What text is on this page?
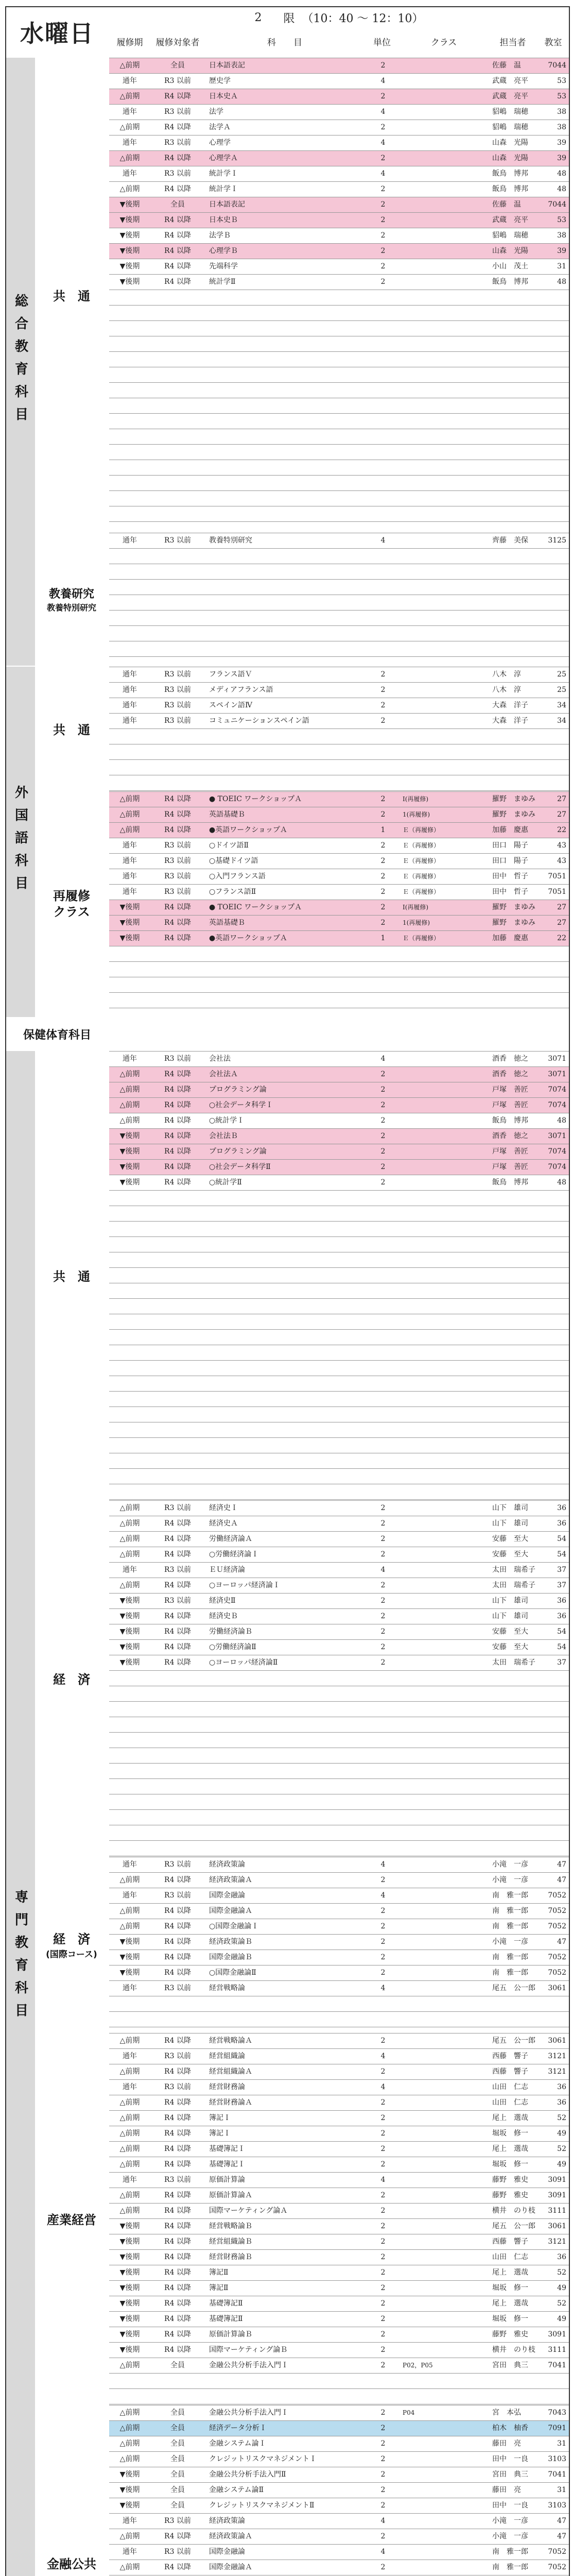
水曜日
2
限
（10：40 〜 12：10）
履修期	履修対象者	科　　目	単位	クラス	担当者	教室
総合教育科目 共　通
教養研究
教養特別研究
外国語科目
共　通
再履修クラス
保健体育科目
専門教育科目
共　通
経　済
経　済
(国際コース)
産業経営
金融公共
△前期	全員	日本語表記	2	佐藤　温	7044
通年	R3 以前	歴史学	4	武蔵　亮平	53
△前期	R4 以降	日本史Ａ	2	武蔵　亮平	53
通年	R3 以前	法学	4	貂嶋　瑞穂	38
△前期	R4 以降	法学Ａ	2	貂嶋　瑞穂	38
通年	R3 以前	心理学	4	山森　光陽	39
△前期	R4 以降	心理学Ａ	2	山森　光陽	39
通年	R3 以前	統計学Ｉ	4	飯鳥　博邦	48
△前期	R4 以降	統計学Ｉ	2	飯鳥　博邦	48
▼後期	全員	日本語表記	2	佐藤　温	7044
▼後期	R4 以降	日本史Ｂ	2	武蔵　亮平	53
▼後期	R4 以降	法学Ｂ	2	貂嶋　瑞穂	38
▼後期	R4 以降	心理学Ｂ	2	山森　光陽	39
▼後期	R4 以降	先端科学	2	小山　茂土	31
▼後期	R4 以降	統計学Ⅱ	2	飯鳥　博邦	48
通年	R3 以前	教養特別研究	4	齊藤　美保	3125
通年	R3 以前	フランス語Ｖ	2	八木　淳	25
通年	R3 以前	メディアフランス語	2	八木　淳	25
通年	R3 以前	スペイン語Ⅳ	2	大森　洋子	34
通年	R3 以前	コミュニケーションスペイン語	2	大森　洋子	34
△前期	R4 以降	● TOEIC ワークショップＡ	2	Ⅰ(再履修)	羅野　まゆみ	27
△前期	R4 以降	英語基礎Ｂ	2	1(再履修)	羅野　まゆみ	27
△前期	R4 以降	●英語ワークショップＡ	1	Ｅ（再履修）	加藤　慶惠	22
通年	R3 以前	○ドイツ語Ⅱ	2	Ｅ（再履修）	田口　陽子	43
通年	R3 以前	○基礎ドイツ語	2	Ｅ（再履修）	田口　陽子	43
通年	R3 以前	○入門フランス語	2	Ｅ（再履修）	田中　哲子	7051
通年	R3 以前	○フランス語Ⅱ	2	Ｅ（再履修）	田中　哲子	7051
▼後期	R4 以降	● TOEIC ワークショップＡ	2	Ⅰ(再履修)	羅野　まゆみ	27
▼後期	R4 以降	英語基礎Ｂ	2	1(再履修)	羅野　まゆみ	27
▼後期	R4 以降	●英語ワークショップＡ	1	Ｅ（再履修）	加藤　慶惠	22
通年	R3 以前	会社法	4	酒香　徳之	3071
△前期	R4 以降	会社法Ａ	2	酒香　徳之	3071
△前期	R4 以降	プログラミング論	2	戸塚　善匠	7074
△前期	R4 以降	○社会データ科学Ｉ	2	戸塚　善匠	7074
△前期	R4 以降	○統計学Ｉ	2	飯鳥　博邦	48
▼後期	R4 以降	会社法Ｂ	2	酒香　徳之	3071
▼後期	R4 以降	プログラミング論	2	戸塚　善匠	7074
▼後期	R4 以降	○社会データ科学Ⅱ	2	戸塚　善匠	7074
▼後期	R4 以降	○統計学Ⅱ	2	飯鳥　博邦	48
△前期	R3 以前	経済史Ｉ	2	山下　雄司	36
△前期	R4 以降	経済史Ａ	2	山下　雄司	36
△前期	R4 以降	労働経済論Ａ	2	安藤　至大	54
△前期	R4 以降	○労働経済論Ｉ	2	安藤　至大	54
通年	R3 以前	ＥＵ経済論	4	太田　瑞希子	37
△前期	R4 以降	○ヨーロッパ経済論Ｉ	2	太田　瑞希子	37
▼後期	R3 以前	経済史Ⅱ	2	山下　雄司	36
▼後期	R4 以降	経済史Ｂ	2	山下　雄司	36
▼後期	R4 以降	労働経済論Ｂ	2	安藤　至大	54
▼後期	R4 以降	○労働経済論Ⅱ	2	安藤　至大	54
▼後期	R4 以降	○ヨーロッパ経済論Ⅱ	2	太田　瑞希子	37
通年	R3 以前	経済政策論	4	小滝　一彦	47
△前期	R4 以降	経済政策論Ａ	2	小滝　一彦	47
通年	R3 以前	国際金融論	4	南　雅一郎	7052
△前期	R4 以降	国際金融論Ａ	2	南　雅一郎	7052
△前期	R4 以降	○国際金融論Ｉ	2	南　雅一郎	7052
▼後期	R4 以降	経済政策論Ｂ	2	小滝　一彦	47
▼後期	R4 以降	国際金融論Ｂ	2	南　雅一郎	7052
▼後期	R4 以降	○国際金融論Ⅱ	2	南　雅一郎	7052
通年	R3 以前	経営戦略論	4	尾五　公一郎	3061
△前期	R4 以降	経営戦略論Ａ	2	尾五　公一郎	3061
通年	R3 以前	経営組織論	4	西藤　響子	3121
△前期	R4 以降	経営組織論Ａ	2	西藤　響子	3121
通年	R3 以前	経営財務論	4	山田　仁志	36
△前期	R4 以降	経営財務論Ａ	2	山田　仁志	36
△前期	R4 以降	簿記Ｉ	2	尾上　選哉	52
△前期	R4 以降	簿記Ｉ	2	堀坂　修一	49
△前期	R4 以降	基礎簿記Ｉ	2	尾上　選哉	52
△前期	R4 以降	基礎簿記Ｉ	2	堀坂　修一	49
通年	R3 以前	原価計算論	4	藤野　雅史	3091
△前期	R4 以降	原価計算論Ａ	2	藤野　雅史	3091
△前期	R4 以降	国際マーケティング論Ａ	2	横井　のり枝	3111
▼後期	R4 以降	経営戦略論Ｂ	2	尾五　公一郎	3061
▼後期	R4 以降	経営組織論Ｂ	2	西藤　響子	3121
▼後期	R4 以降	経営財務論Ｂ	2	山田　仁志	36
▼後期	R4 以降	簿記Ⅱ	2	尾上　選哉	52
▼後期	R4 以降	簿記Ⅱ	2	堀坂　修一	49
▼後期	R4 以降	基礎簿記Ⅱ	2	尾上　選哉	52
▼後期	R4 以降	基礎簿記Ⅱ	2	堀坂　修一	49
▼後期	R4 以降	原価計算論Ｂ	2	藤野　雅史	3091
▼後期	R4 以降	国際マーケティング論Ｂ	2	横井　のり枝	3111
△前期	全員	金融公共分析手法入門Ｉ	2	P02，P05	宮田　典三	7041
△前期	全員	金融公共分析手法入門Ｉ	2	P04	宮　本弘	7043
△前期	全員	経済データ分析Ｉ	2	柏木　柚香	7091
△前期	全員	金融システム論Ｉ	2	藤田　亮	31
△前期	全員	クレジットリスクマネジメントＩ	2	田中　一良	3103
▼後期	全員	金融公共分析手法入門Ⅱ	2	宮田　典三	7041
▼後期	全員	金融システム論Ⅱ	2	藤田　亮	31
▼後期	全員	クレジットリスクマネジメントⅡ	2	田中　一良	3103
通年	R3 以前	経済政策論	4	小滝　一彦	47
△前期	R4 以降	経済政策論Ａ	2	小滝　一彦	47
通年	R3 以前	国際金融論	4	南　雅一郎	7052
△前期	R4 以降	国際金融論Ａ	2	南　雅一郎	7052
